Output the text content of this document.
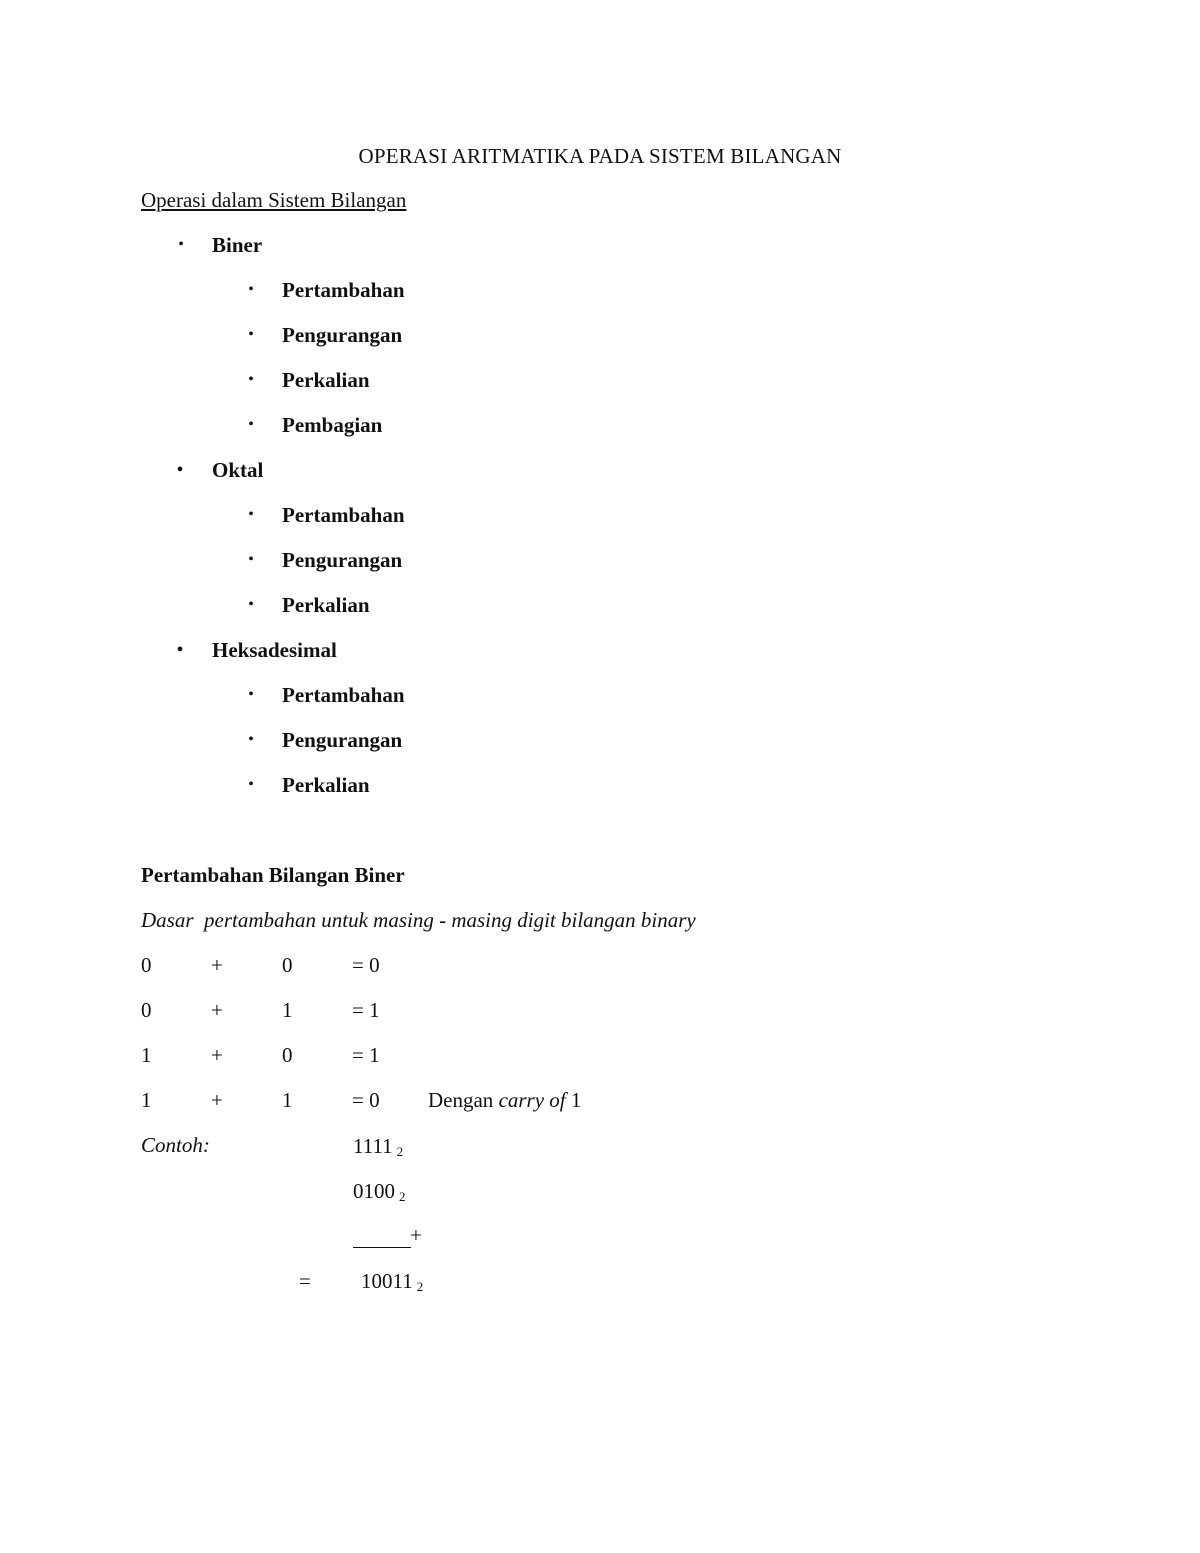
OPERASI ARITMATIKA PADA SISTEM BILANGAN
Operasi dalam Sistem Bilangan
• Biner
• Pertambahan
• Pengurangan
• Perkalian
• Pembagian
• Oktal
• Pertambahan
• Pengurangan
• Perkalian
• Heksadesimal
• Pertambahan
• Pengurangan
• Perkalian
Pertambahan Bilangan Biner
Dasar  pertambahan untuk masing - masing digit bilangan binary
0	+	0	= 0
0	+	1	= 1
1	+	0	= 1
1	+	1	= 0 Dengan carry of 1
Contoh:	1111 $_2$
0100 $_2$
+
= 10011 $_2$
